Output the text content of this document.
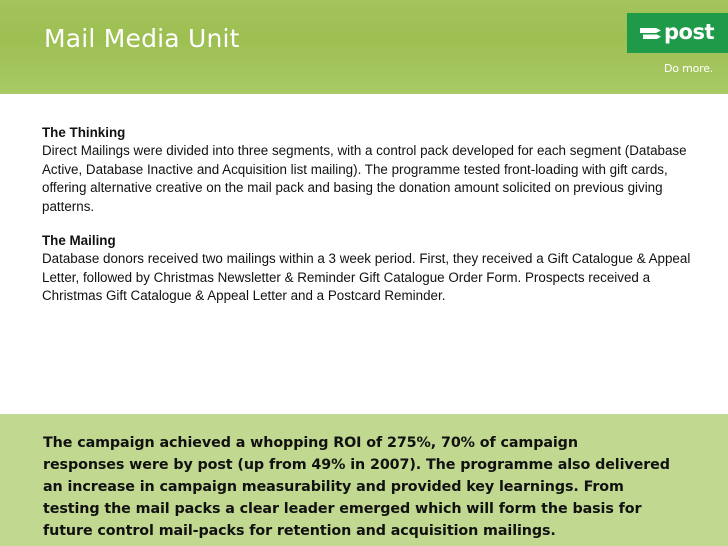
Mail Media Unit	post
Do more.
The Thinking
Direct Mailings were divided into three segments, with a control pack developed for each segment (Database Active, Database Inactive and Acquisition list mailing). The programme tested front-loading with gift cards, offering alternative creative on the mail pack and basing the donation amount solicited on previous giving patterns.
The Mailing
Database donors received two mailings within a 3 week period. First, they received a Gift Catalogue & Appeal Letter, followed by Christmas Newsletter & Reminder Gift Catalogue Order Form. Prospects received a Christmas Gift Catalogue & Appeal Letter and a Postcard Reminder.
The campaign achieved a whopping ROI of 275%, 70% of campaign
responses were by post (up from 49% in 2007). The programme also delivered
an increase in campaign measurability and provided key learnings. From
testing the mail packs a clear leader emerged which will form the basis for
future control mail-packs for retention and acquisition mailings.
